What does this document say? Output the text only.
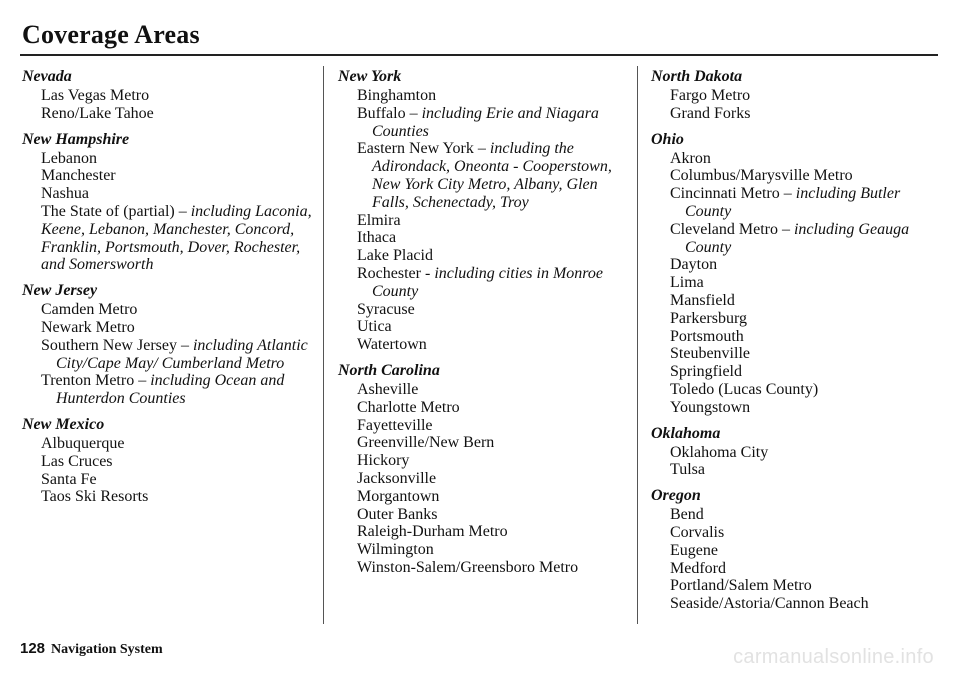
Coverage Areas
Nevada
Las Vegas Metro
Reno/Lake Tahoe
New Hampshire
Lebanon
Manchester
Nashua
The State of (partial) – including Laconia, Keene, Lebanon, Manchester, Concord, Franklin, Portsmouth, Dover, Rochester, and Somersworth
New Jersey
Camden Metro
Newark Metro
Southern New Jersey – including Atlantic City/Cape May/ Cumberland Metro
Trenton Metro – including Ocean and Hunterdon Counties
New Mexico
Albuquerque
Las Cruces
Santa Fe
Taos Ski Resorts
New York
Binghamton
Buffalo – including Erie and Niagara Counties
Eastern New York – including the Adirondack, Oneonta - Cooperstown, New York City Metro, Albany, Glen Falls, Schenectady, Troy
Elmira
Ithaca
Lake Placid
Rochester - including cities in Monroe County
Syracuse
Utica
Watertown
North Carolina
Asheville
Charlotte Metro
Fayetteville
Greenville/New Bern
Hickory
Jacksonville
Morgantown
Outer Banks
Raleigh-Durham Metro
Wilmington
Winston-Salem/Greensboro Metro
North Dakota
Fargo Metro
Grand Forks
Ohio
Akron
Columbus/Marysville Metro
Cincinnati Metro – including Butler County
Cleveland Metro – including Geauga County
Dayton
Lima
Mansfield
Parkersburg
Portsmouth
Steubenville
Springfield
Toledo (Lucas County)
Youngstown
Oklahoma
Oklahoma City
Tulsa
Oregon
Bend
Corvalis
Eugene
Medford
Portland/Salem Metro
Seaside/Astoria/Cannon Beach
128 Navigation System	carmanualsonline.info
